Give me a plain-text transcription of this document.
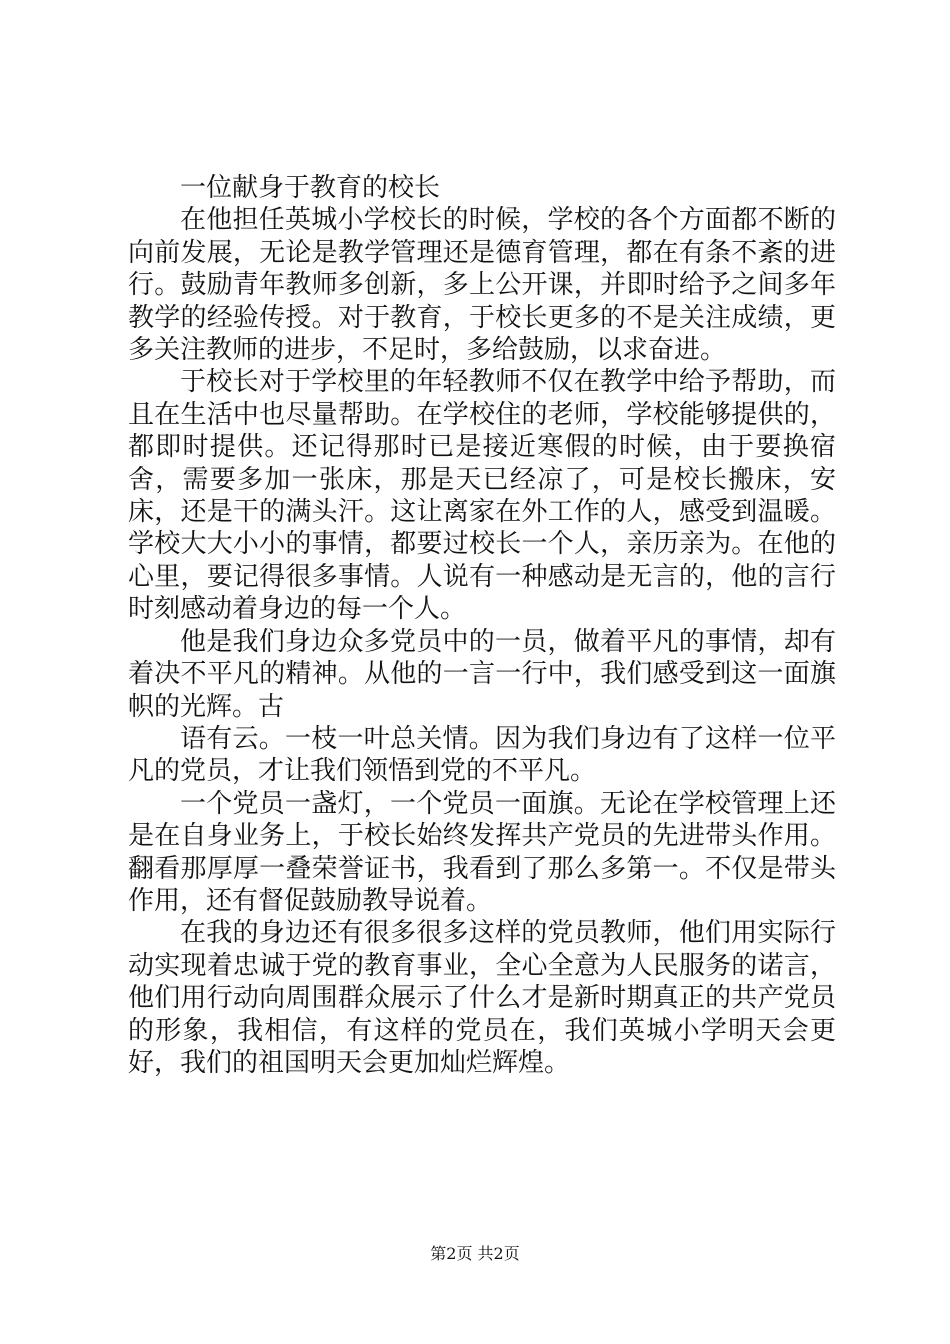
一位献身于教育的校长

在他担任英城小学校长的时候，学校的各个方面都不断的向前发展，无论是教学管理还是德育管理，都在有条不紊的进行。鼓励青年教师多创新，多上公开课，并即时给予之间多年教学的经验传授。对于教育，于校长更多的不是关注成绩，更多关注教师的进步，不足时，多给鼓励，以求奋进。

于校长对于学校里的年轻教师不仅在教学中给予帮助，而且在生活中也尽量帮助。在学校住的老师，学校能够提供的，都即时提供。还记得那时已是接近寒假的时候，由于要换宿舍，需要多加一张床，那是天已经凉了，可是校长搬床，安床，还是干的满头汗。这让离家在外工作的人，感受到温暖。学校大大小小的事情，都要过校长一个人，亲历亲为。在他的心里，要记得很多事情。人说有一种感动是无言的，他的言行时刻感动着身边的每一个人。

他是我们身边众多党员中的一员，做着平凡的事情，却有着决不平凡的精神。从他的一言一行中，我们感受到这一面旗帜的光辉。古

语有云。一枝一叶总关情。因为我们身边有了这样一位平凡的党员，才让我们领悟到党的不平凡。

一个党员一盏灯，一个党员一面旗。无论在学校管理上还是在自身业务上，于校长始终发挥共产党员的先进带头作用。翻看那厚厚一叠荣誉证书，我看到了那么多第一。不仅是带头作用，还有督促鼓励教导说着。

在我的身边还有很多很多这样的党员教师，他们用实际行动实现着忠诚于党的教育事业，全心全意为人民服务的诺言，他们用行动向周围群众展示了什么才是新时期真正的共产党员的形象，我相信，有这样的党员在，我们英城小学明天会更好，我们的祖国明天会更加灿烂辉煌。

第2页 共2页
